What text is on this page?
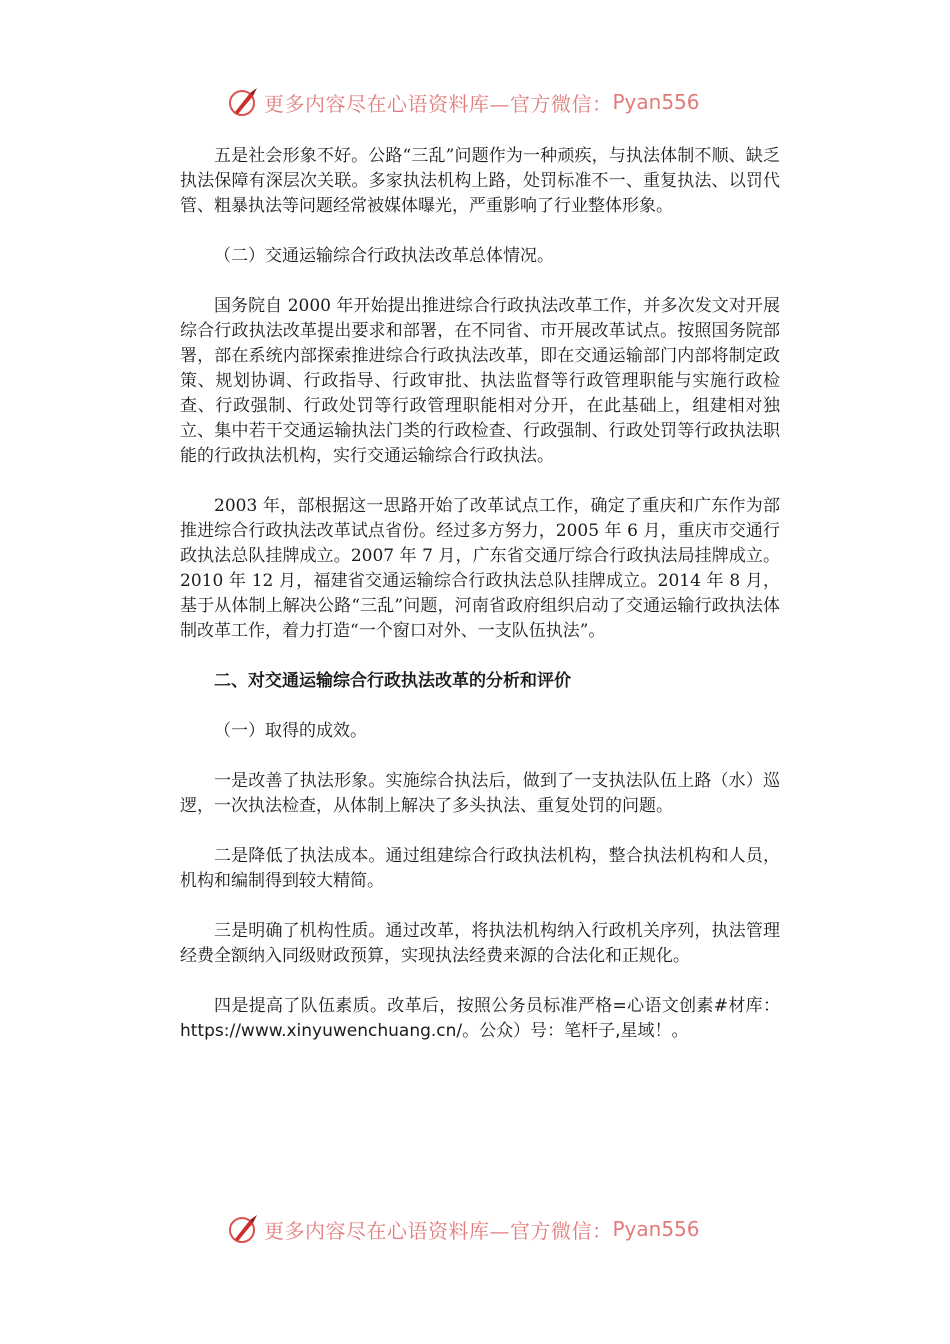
更多内容尽在心语资料库—官方微信： Pyan556

五是社会形象不好。公路“三乱”问题作为一种顽疾，与执法体制不顺、缺乏执法保障有深层次关联。多家执法机构上路，处罚标准不一、重复执法、以罚代管、粗暴执法等问题经常被媒体曝光，严重影响了行业整体形象。

（二）交通运输综合行政执法改革总体情况。

国务院自 2000 年开始提出推进综合行政执法改革工作，并多次发文对开展综合行政执法改革提出要求和部署，在不同省、市开展改革试点。按照国务院部署，部在系统内部探索推进综合行政执法改革，即在交通运输部门内部将制定政策、规划协调、行政指导、行政审批、执法监督等行政管理职能与实施行政检查、行政强制、行政处罚等行政管理职能相对分开，在此基础上，组建相对独立、集中若干交通运输执法门类的行政检查、行政强制、行政处罚等行政执法职能的行政执法机构，实行交通运输综合行政执法。

2003 年，部根据这一思路开始了改革试点工作，确定了重庆和广东作为部推进综合行政执法改革试点省份。经过多方努力，2005 年 6 月，重庆市交通行政执法总队挂牌成立。2007 年 7 月，广东省交通厅综合行政执法局挂牌成立。2010 年 12 月，福建省交通运输综合行政执法总队挂牌成立。2014 年 8 月，基于从体制上解决公路“三乱”问题，河南省政府组织启动了交通运输行政执法体制改革工作，着力打造“一个窗口对外、一支队伍执法”。

二、对交通运输综合行政执法改革的分析和评价

（一）取得的成效。

一是改善了执法形象。实施综合执法后，做到了一支执法队伍上路（水）巡逻，一次执法检查，从体制上解决了多头执法、重复处罚的问题。

二是降低了执法成本。通过组建综合行政执法机构，整合执法机构和人员，机构和编制得到较大精简。

三是明确了机构性质。通过改革，将执法机构纳入行政机关序列，执法管理经费全额纳入同级财政预算，实现执法经费来源的合法化和正规化。

四是提高了队伍素质。改革后，按照公务员标准严格=心语文创素#材库：https://www.xinyuwenchuang.cn/。公众）号：笔杆子,星域！。

更多内容尽在心语资料库—官方微信： Pyan556
